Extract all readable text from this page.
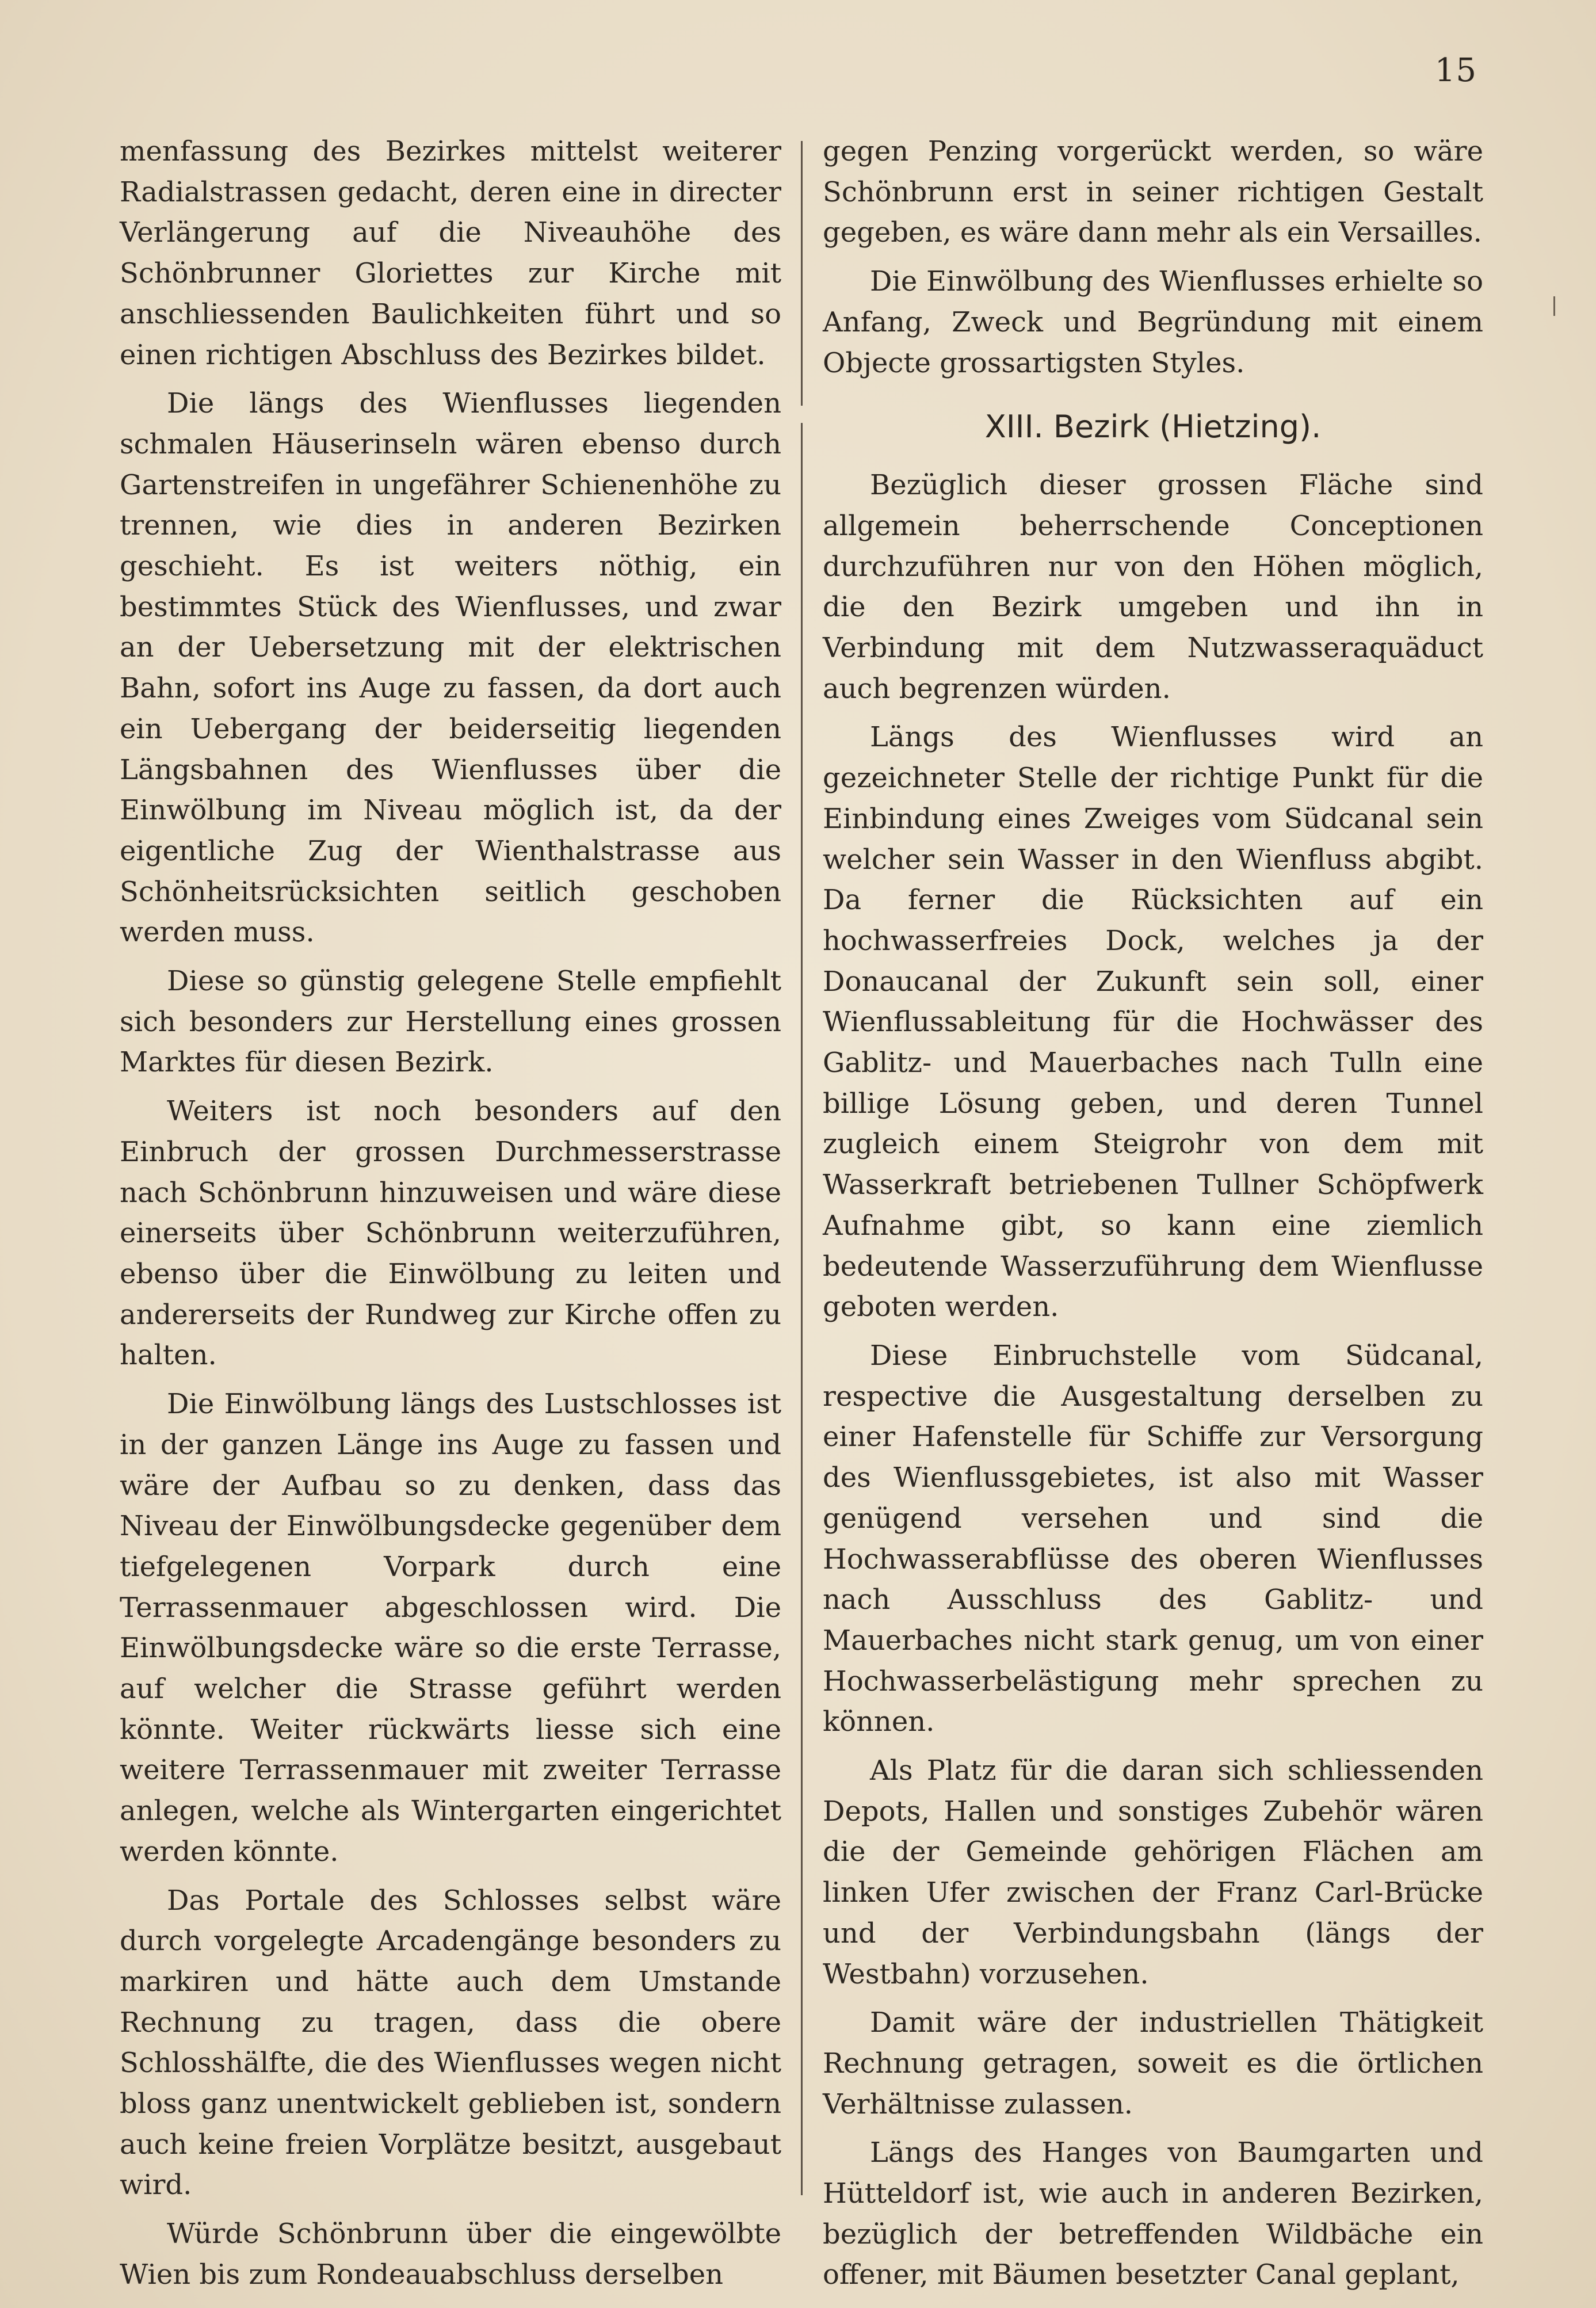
15

menfassung des Bezirkes mittelst weiterer Radialstrassen gedacht, deren eine in directer Verlängerung auf die Niveauhöhe des Schönbrunner Gloriettes zur Kirche mit anschliessenden Baulichkeiten führt und so einen richtigen Abschluss des Bezirkes bildet.

Die längs des Wienflusses liegenden schmalen Häuserinseln wären ebenso durch Gartenstreifen in ungefährer Schienenhöhe zu trennen, wie dies in anderen Bezirken geschieht. Es ist weiters nöthig, ein bestimmtes Stück des Wienflusses, und zwar an der Uebersetzung mit der elektrischen Bahn, sofort ins Auge zu fassen, da dort auch ein Uebergang der beiderseitig liegenden Längsbahnen des Wienflusses über die Einwölbung im Niveau möglich ist, da der eigentliche Zug der Wienthalstrasse aus Schönheitsrücksichten seitlich geschoben werden muss.

Diese so günstig gelegene Stelle empfiehlt sich besonders zur Herstellung eines grossen Marktes für diesen Bezirk.

Weiters ist noch besonders auf den Einbruch der grossen Durchmesserstrasse nach Schönbrunn hinzuweisen und wäre diese einerseits über Schönbrunn weiterzuführen, ebenso über die Einwölbung zu leiten und andererseits der Rundweg zur Kirche offen zu halten.

Die Einwölbung längs des Lustschlosses ist in der ganzen Länge ins Auge zu fassen und wäre der Aufbau so zu denken, dass das Niveau der Einwölbungsdecke gegenüber dem tiefgelegenen Vorpark durch eine Terrassenmauer abgeschlossen wird. Die Einwölbungsdecke wäre so die erste Terrasse, auf welcher die Strasse geführt werden könnte. Weiter rückwärts liesse sich eine weitere Terrassenmauer mit zweiter Terrasse anlegen, welche als Wintergarten eingerichtet werden könnte.

Das Portale des Schlosses selbst wäre durch vorgelegte Arcadengänge besonders zu markiren und hätte auch dem Umstande Rechnung zu tragen, dass die obere Schlosshälfte, die des Wienflusses wegen nicht bloss ganz unentwickelt geblieben ist, sondern auch keine freien Vorplätze besitzt, ausgebaut wird.

Würde Schönbrunn über die eingewölbte Wien bis zum Rondeauabschluss derselben

gegen Penzing vorgerückt werden, so wäre Schönbrunn erst in seiner richtigen Gestalt gegeben, es wäre dann mehr als ein Versailles.

Die Einwölbung des Wienflusses erhielte so Anfang, Zweck und Begründung mit einem Objecte grossartigsten Styles.

XIII. Bezirk (Hietzing).

Bezüglich dieser grossen Fläche sind allgemein beherrschende Conceptionen durchzuführen nur von den Höhen möglich, die den Bezirk umgeben und ihn in Verbindung mit dem Nutzwasseraquäduct auch begrenzen würden.

Längs des Wienflusses wird an gezeichneter Stelle der richtige Punkt für die Einbindung eines Zweiges vom Südcanal sein welcher sein Wasser in den Wienfluss abgibt. Da ferner die Rücksichten auf ein hochwasserfreies Dock, welches ja der Donaucanal der Zukunft sein soll, einer Wienflussableitung für die Hochwässer des Gablitz- und Mauerbaches nach Tulln eine billige Lösung geben, und deren Tunnel zugleich einem Steigrohr von dem mit Wasserkraft betriebenen Tullner Schöpfwerk Aufnahme gibt, so kann eine ziemlich bedeutende Wasserzuführung dem Wienflusse geboten werden.

Diese Einbruchstelle vom Südcanal, respective die Ausgestaltung derselben zu einer Hafenstelle für Schiffe zur Versorgung des Wienflussgebietes, ist also mit Wasser genügend versehen und sind die Hochwasserabflüsse des oberen Wienflusses nach Ausschluss des Gablitz- und Mauerbaches nicht stark genug, um von einer Hochwasserbelästigung mehr sprechen zu können.

Als Platz für die daran sich schliessenden Depots, Hallen und sonstiges Zubehör wären die der Gemeinde gehörigen Flächen am linken Ufer zwischen der Franz Carl-Brücke und der Verbindungsbahn (längs der Westbahn) vorzusehen.

Damit wäre der industriellen Thätigkeit Rechnung getragen, soweit es die örtlichen Verhältnisse zulassen.

Längs des Hanges von Baumgarten und Hütteldorf ist, wie auch in anderen Bezirken, bezüglich der betreffenden Wildbäche ein offener, mit Bäumen besetzter Canal geplant,
